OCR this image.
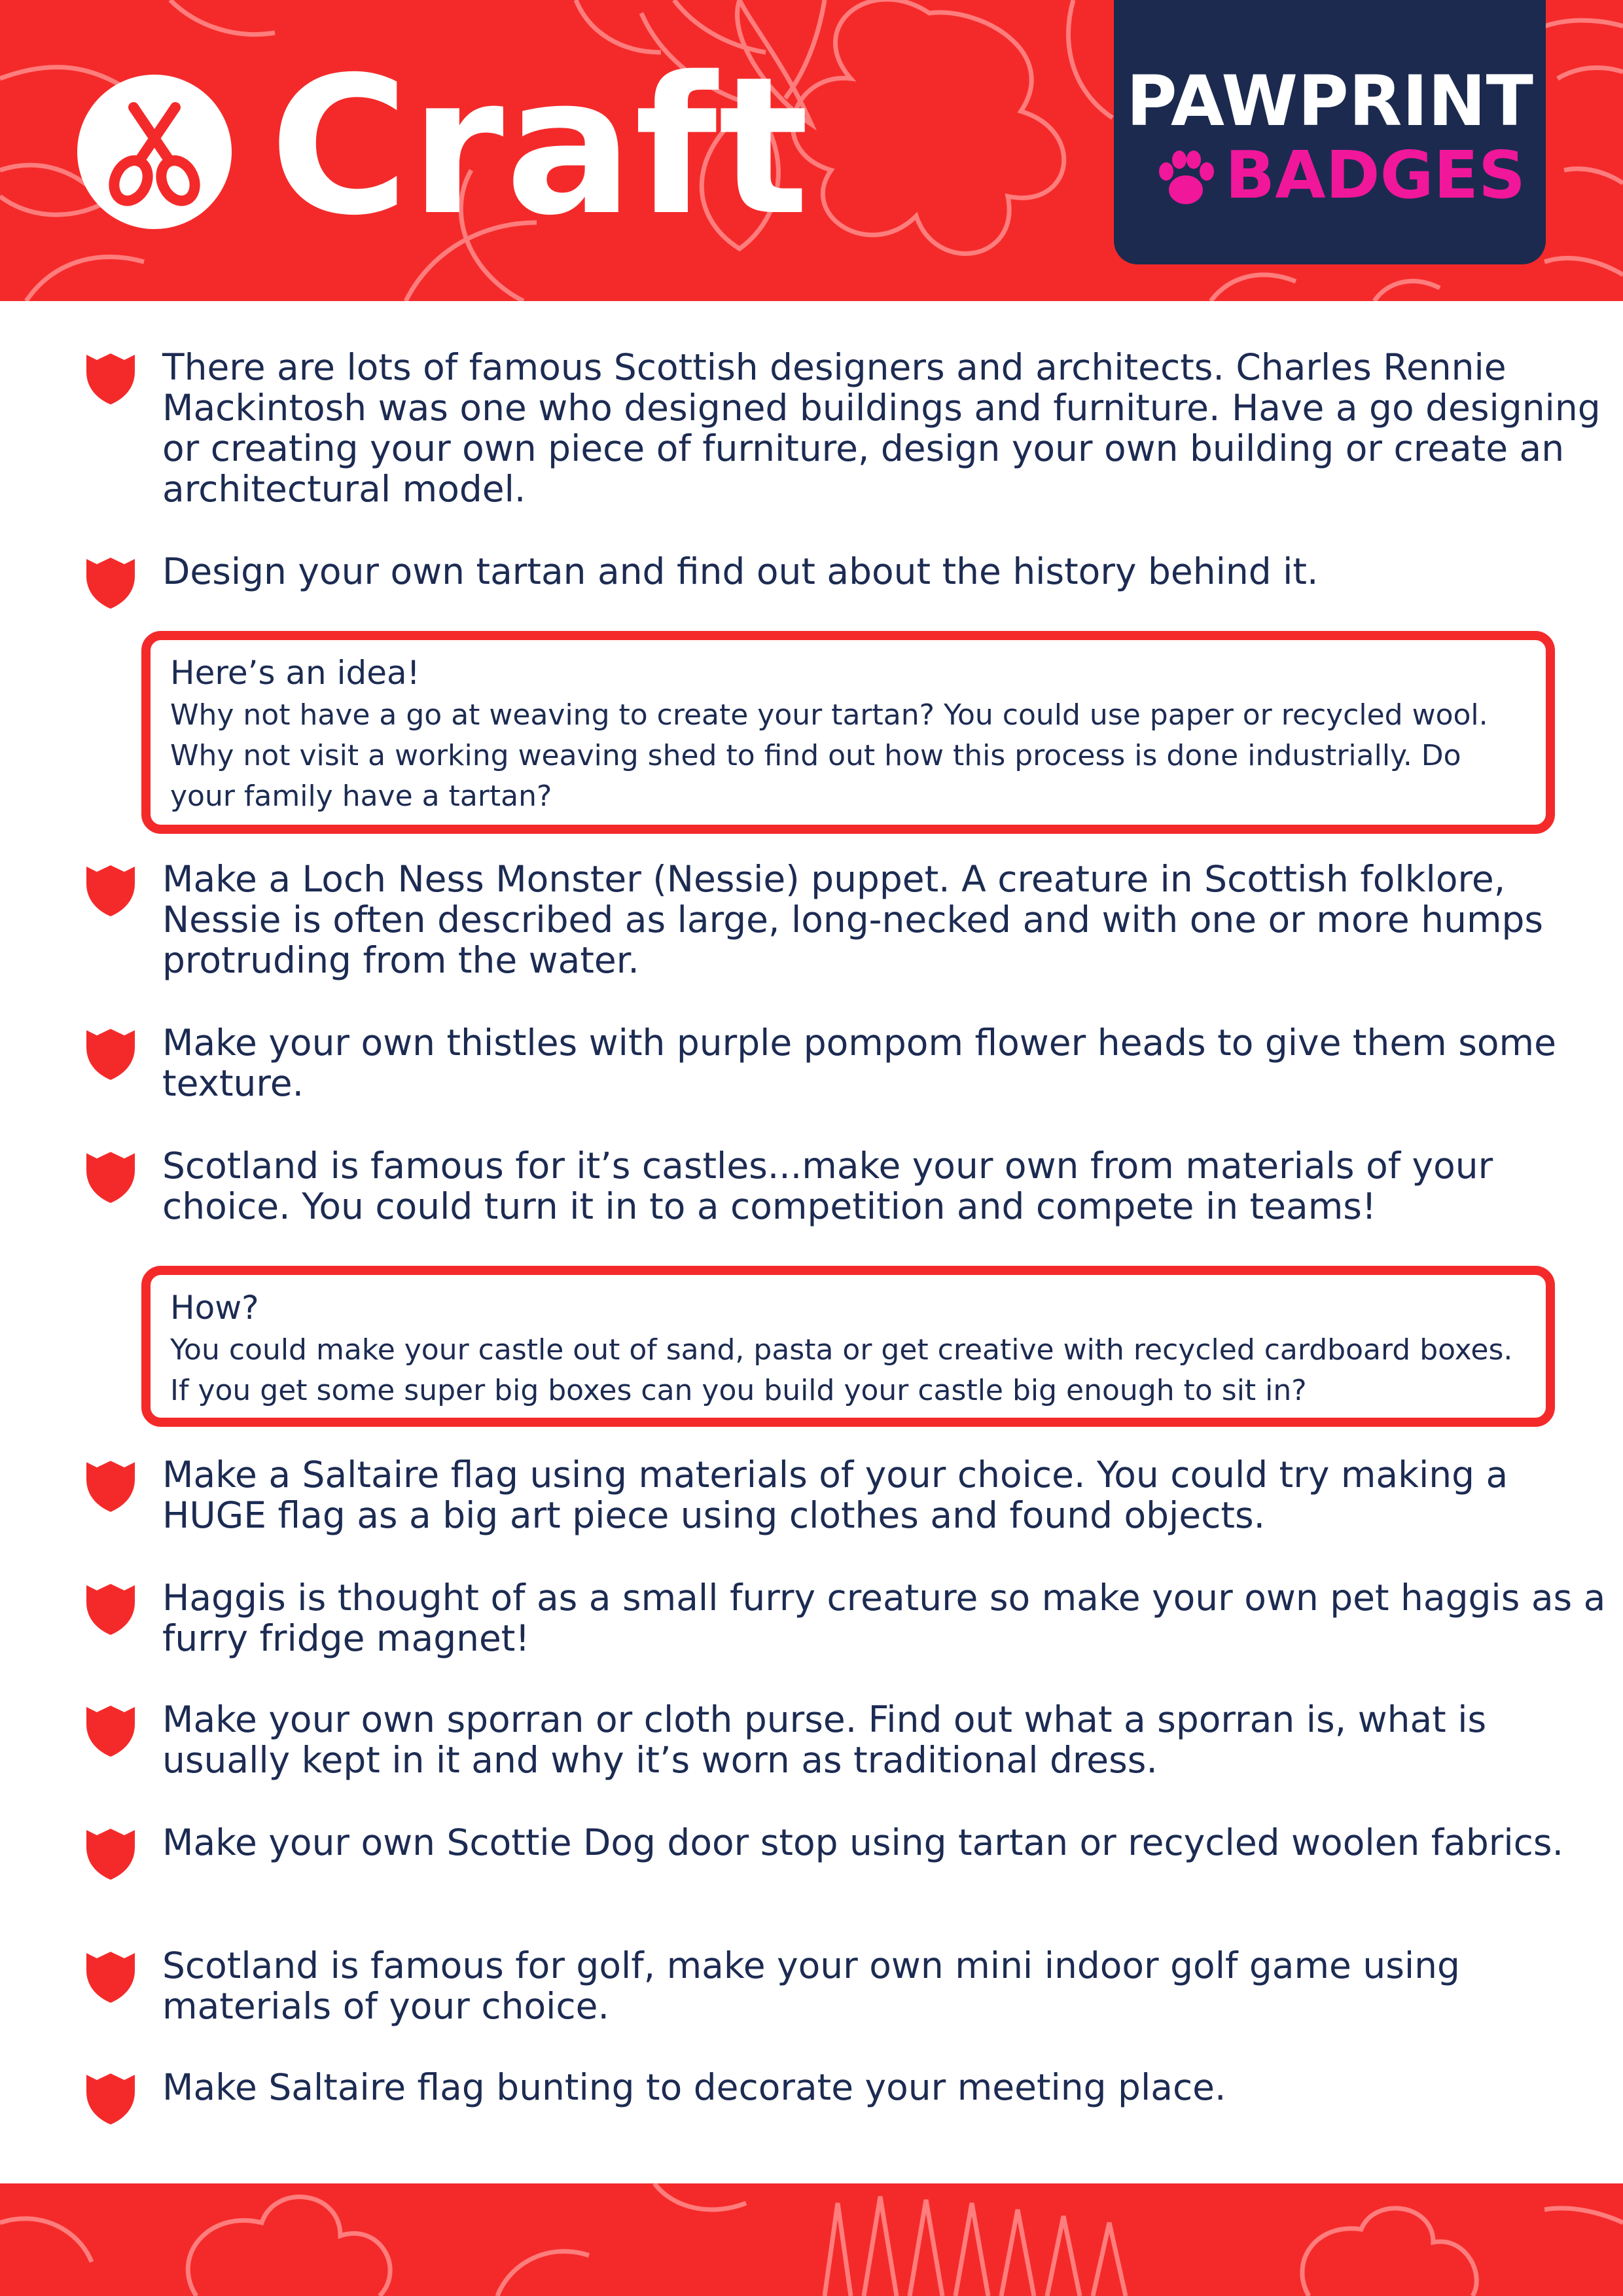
Craft	PAWPRINT
BADGES
There are lots of famous Scottish designers and architects. Charles Rennie Mackintosh was one who designed buildings and furniture. Have a go designing or creating your own piece of furniture, design your own building or create an architectural model.
Design your own tartan and find out about the history behind it.
Here’s an idea!
Why not have a go at weaving to create your tartan? You could use paper or recycled wool. Why not visit a working weaving shed to find out how this process is done industrially. Do your family have a tartan?
Make a Loch Ness Monster (Nessie) puppet. A creature in Scottish folklore, Nessie is often described as large, long-necked and with one or more humps protruding from the water.
Make your own thistles with purple pompom flower heads to give them some texture.
Scotland is famous for it’s castles...make your own from materials of your choice. You could turn it in to a competition and compete in teams!
How?
You could make your castle out of sand, pasta or get creative with recycled cardboard boxes. If you get some super big boxes can you build your castle big enough to sit in?
Make a Saltaire flag using materials of your choice. You could try making a HUGE flag as a big art piece using clothes and found objects.
Haggis is thought of as a small furry creature so make your own pet haggis as a furry fridge magnet!
Make your own sporran or cloth purse. Find out what a sporran is, what is usually kept in it and why it’s worn as traditional dress.
Make your own Scottie Dog door stop using tartan or recycled woolen fabrics.
Scotland is famous for golf, make your own mini indoor golf game using materials of your choice.
Make Saltaire flag bunting to decorate your meeting place.
